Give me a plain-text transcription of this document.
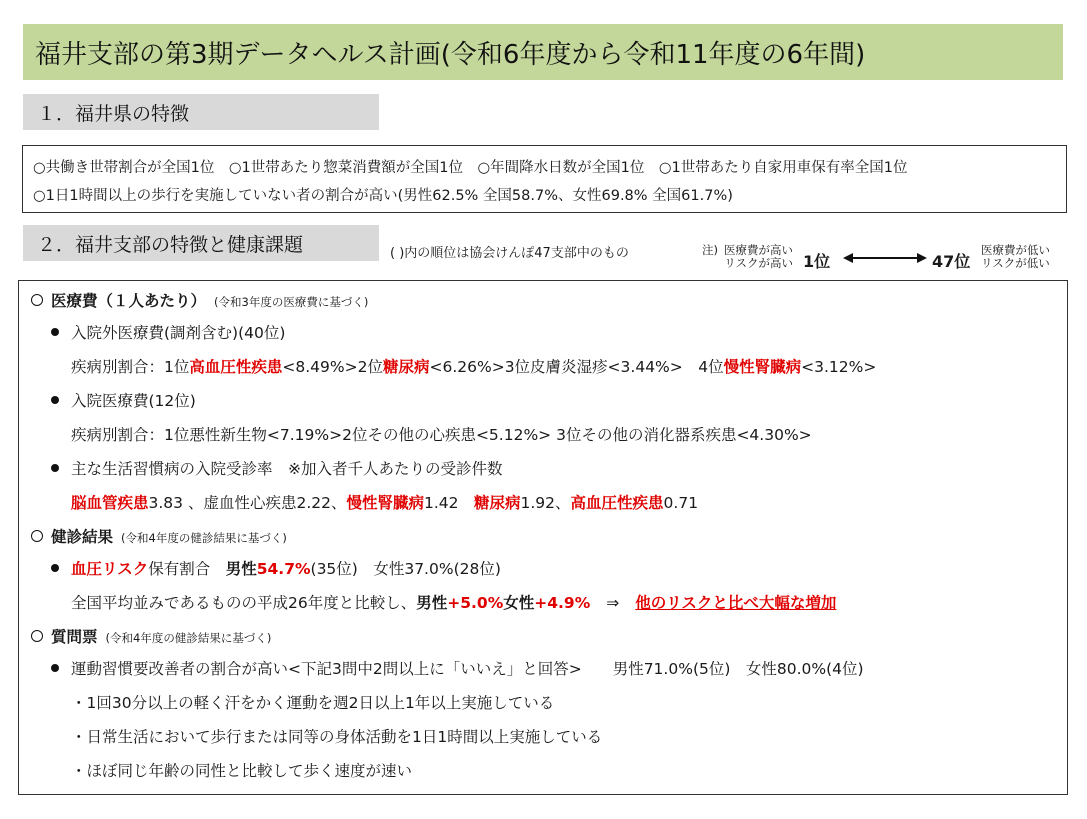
福井支部の第3期データヘルス計画(令和6年度から令和11年度の6年間)
１．福井県の特徴
○共働き世帯割合が全国1位　○1世帯あたり惣菜消費額が全国1位　○年間降水日数が全国1位　○1世帯あたり自家用車保有率全国1位
○1日1時間以上の歩行を実施していない者の割合が高い(男性62.5% 全国58.7%、女性69.8% 全国61.7%)
２．福井支部の特徴と健康課題	( )内の順位は協会けんぽ47支部中のもの	注) 医療費が高い
リスクが高い 1位	47位
医療費が低い
リスクが低い
医療費（１人あたり） (令和3年度の医療費に基づく)
入院外医療費(調剤含む)(40位)
疾病別割合：1位高血圧性疾患<8.49%>2位糖尿病<6.26%>3位皮膚炎湿疹<3.44%>　4位慢性腎臓病<3.12%>
入院医療費(12位)
疾病別割合：1位悪性新生物<7.19%>2位その他の心疾患<5.12%> 3位その他の消化器系疾患<4.30%>
主な生活習慣病の入院受診率　※加入者千人あたりの受診件数
脳血管疾患3.83 、虚血性心疾患2.22、慢性腎臓病1.42　糖尿病1.92、高血圧性疾患0.71
健診結果 (令和4年度の健診結果に基づく)
血圧リスク保有割合　男性54.7%(35位)　女性37.0%(28位)
全国平均並みであるものの平成26年度と比較し、男性+5.0%女性+4.9% ⇒ 他のリスクと比べ大幅な増加
質問票 (令和4年度の健診結果に基づく)
運動習慣要改善者の割合が高い<下記3問中2問以上に「いいえ」と回答>　　男性71.0%(5位)　女性80.0%(4位)
・1回30分以上の軽く汗をかく運動を週2日以上1年以上実施している
・日常生活において歩行または同等の身体活動を1日1時間以上実施している
・ほぼ同じ年齢の同性と比較して歩く速度が速い
